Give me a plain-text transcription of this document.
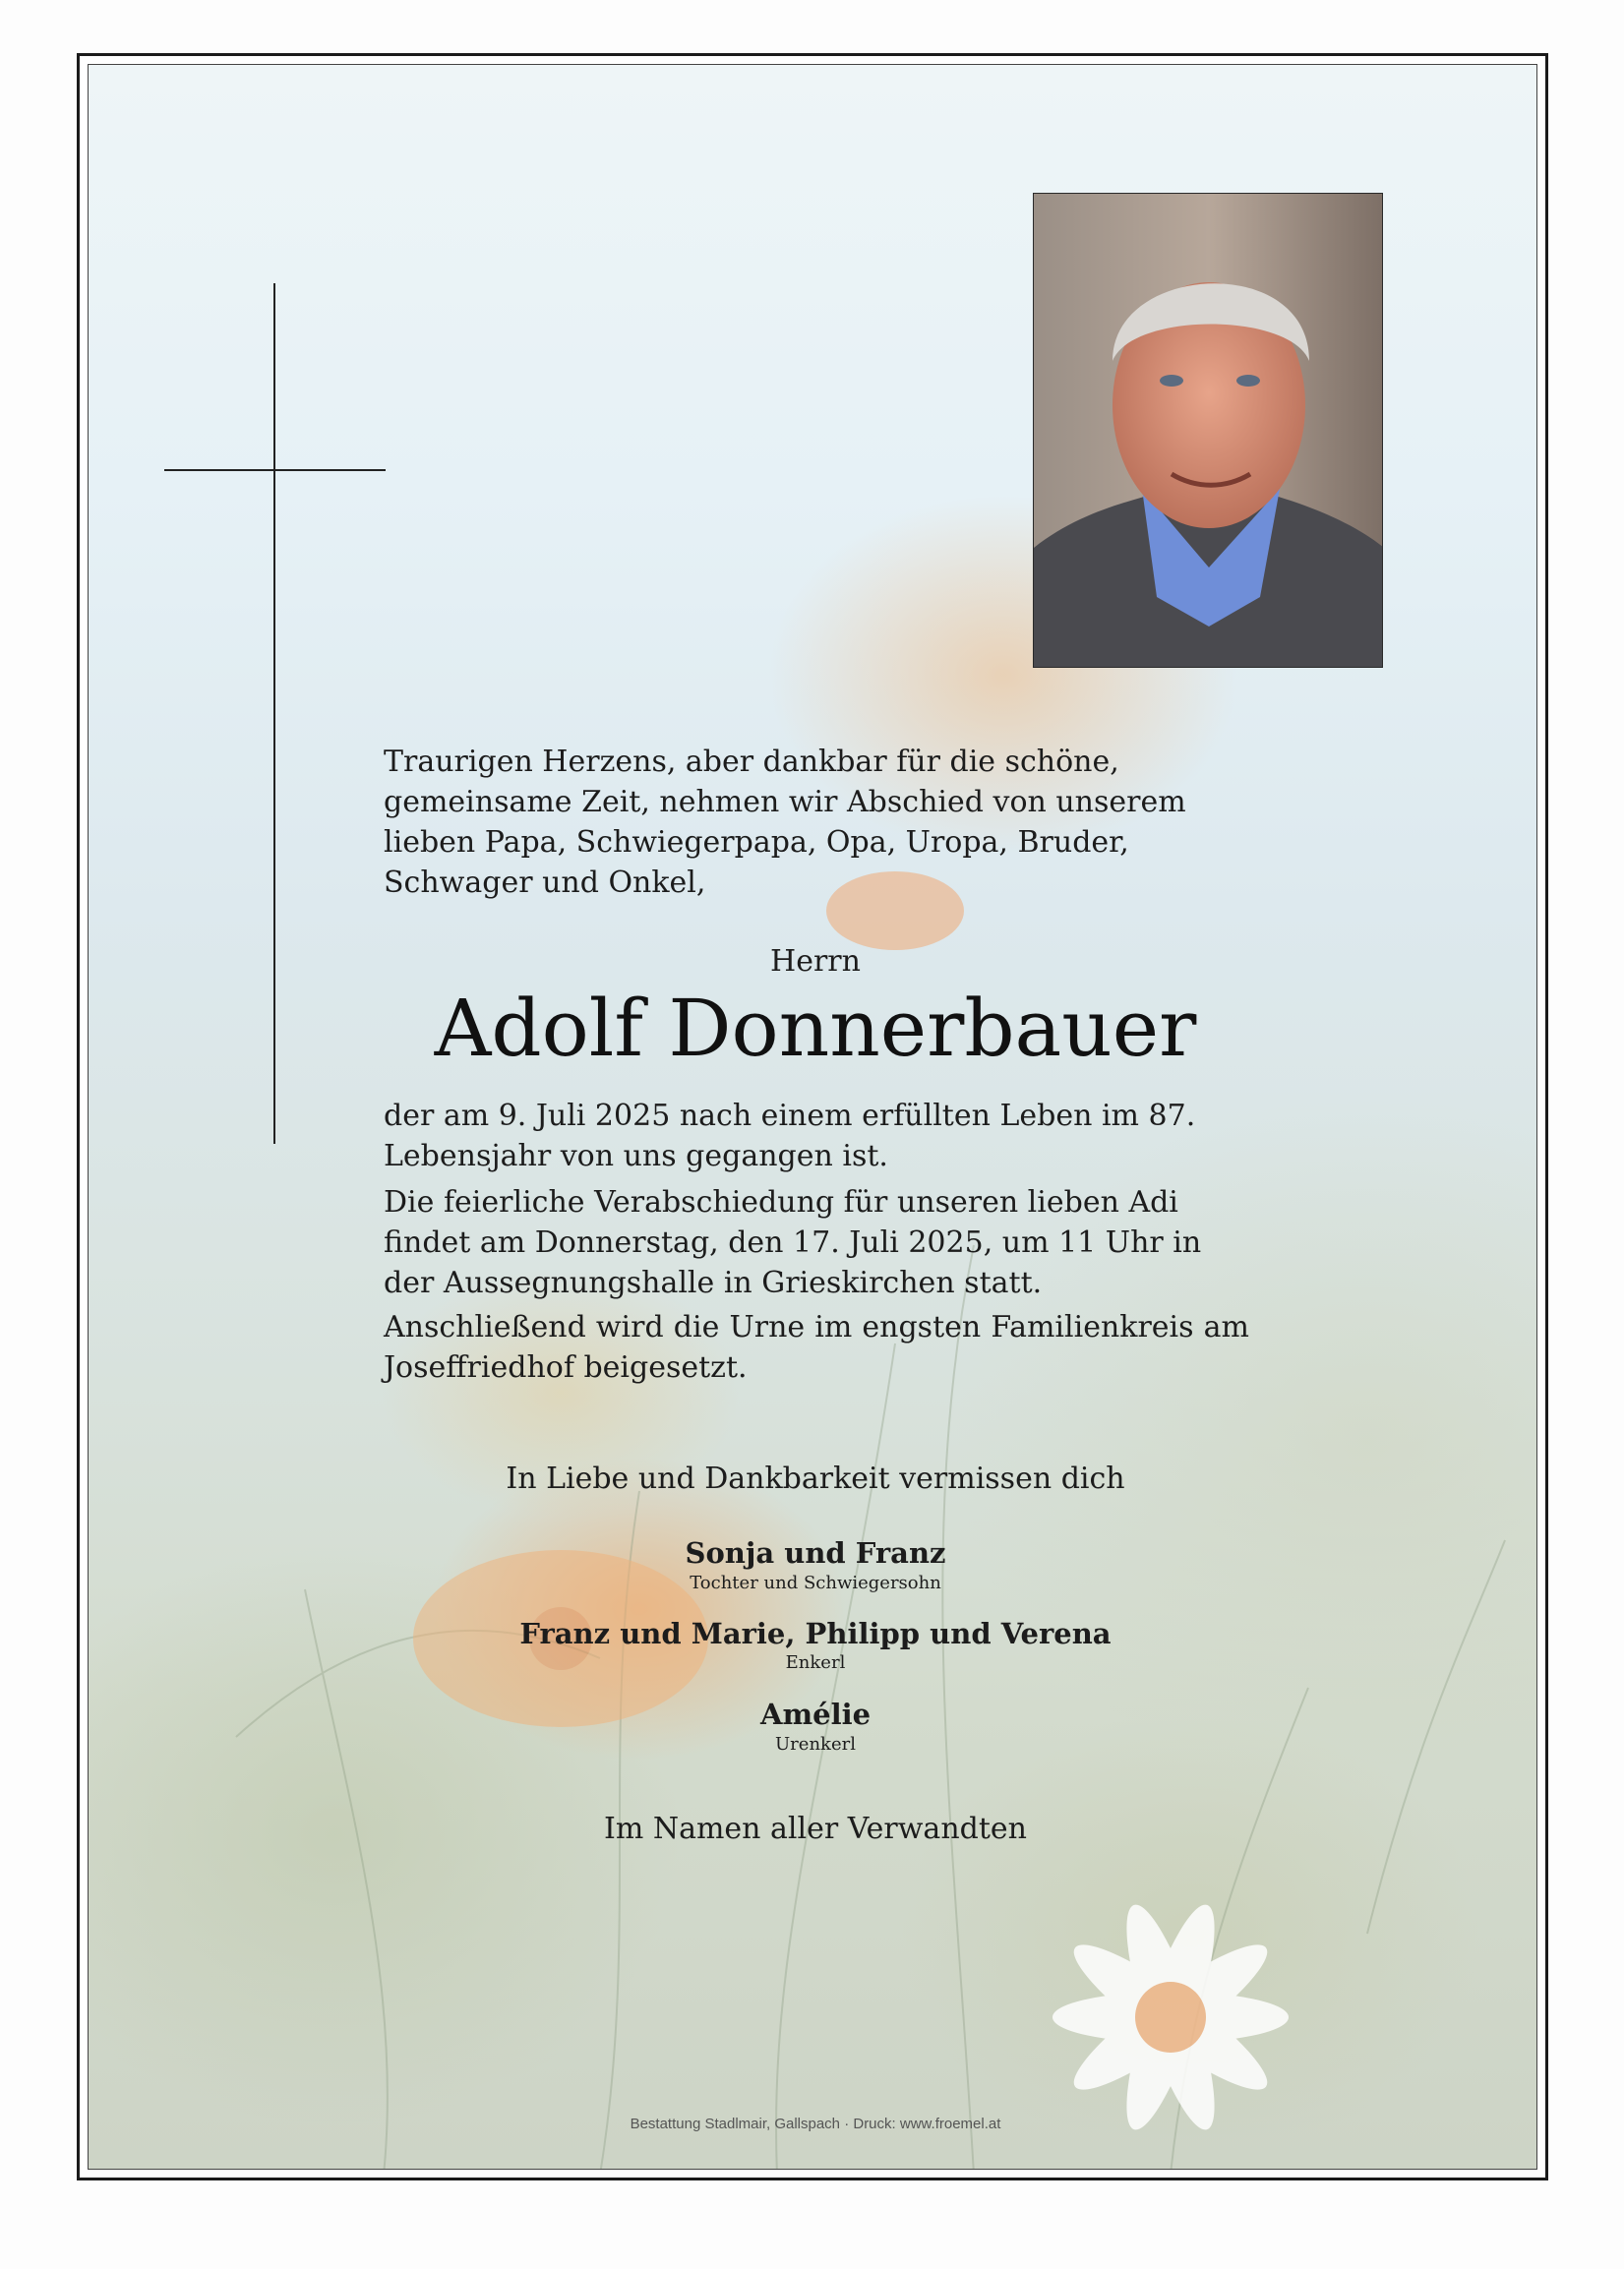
Traurigen Herzens, aber dankbar für die schöne, gemeinsame Zeit, nehmen wir Abschied von unserem lieben Papa, Schwiegerpapa, Opa, Uropa, Bruder, Schwager und Onkel,
Herrn
Adolf Donnerbauer

der am 9. Juli 2025 nach einem erfüllten Leben im 87. Lebensjahr von uns gegangen ist.

Die feierliche Verabschiedung für unseren lieben Adi findet am Donnerstag, den 17. Juli 2025, um 11 Uhr in der Aussegnungshalle in Grieskirchen statt.

Anschließend wird die Urne im engsten Familienkreis am Joseffriedhof beigesetzt.

In Liebe und Dankbarkeit vermissen dich
Sonja und Franz
Tochter und Schwiegersohn
Franz und Marie, Philipp und Verena
Enkerl
Amélie
Urenkerl
Im Namen aller Verwandten
Bestattung Stadlmair, Gallspach · Druck: www.froemel.at
